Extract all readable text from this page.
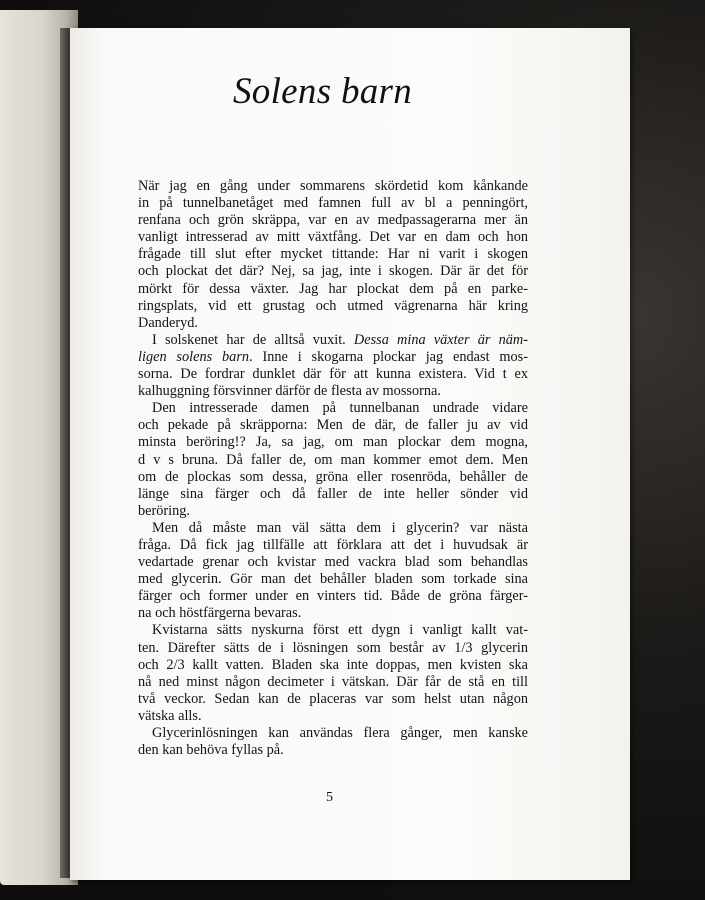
Solens barn
När jag en gång under sommarens skördetid kom kånkande
in på tunnelbanetåget med famnen full av bl a penningört,
renfana och grön skräppa, var en av medpassagerarna mer än
vanligt intresserad av mitt växtfång. Det var en dam och hon
frågade till slut efter mycket tittande: Har ni varit i skogen
och plockat det där? Nej, sa jag, inte i skogen. Där är det för
mörkt för dessa växter. Jag har plockat dem på en parke-
ringsplats, vid ett grustag och utmed vägrenarna här kring
Danderyd.
I solskenet har de alltså vuxit. Dessa mina växter är näm-
ligen solens barn. Inne i skogarna plockar jag endast mos-
sorna. De fordrar dunklet där för att kunna existera. Vid t ex
kalhuggning försvinner därför de flesta av mossorna.
Den intresserade damen på tunnelbanan undrade vidare
och pekade på skräpporna: Men de där, de faller ju av vid
minsta beröring!? Ja, sa jag, om man plockar dem mogna,
d v s bruna. Då faller de, om man kommer emot dem. Men
om de plockas som dessa, gröna eller rosenröda, behåller de
länge sina färger och då faller de inte heller sönder vid
beröring.
Men då måste man väl sätta dem i glycerin? var nästa
fråga. Då fick jag tillfälle att förklara att det i huvudsak är
vedartade grenar och kvistar med vackra blad som behandlas
med glycerin. Gör man det behåller bladen som torkade sina
färger och former under en vinters tid. Både de gröna färger-
na och höstfärgerna bevaras.
Kvistarna sätts nyskurna först ett dygn i vanligt kallt vat-
ten. Därefter sätts de i lösningen som består av 1/3 glycerin
och 2/3 kallt vatten. Bladen ska inte doppas, men kvisten ska
nå ned minst någon decimeter i vätskan. Där får de stå en till
två veckor. Sedan kan de placeras var som helst utan någon
vätska alls.
Glycerinlösningen kan användas flera gånger, men kanske
den kan behöva fyllas på.
5
